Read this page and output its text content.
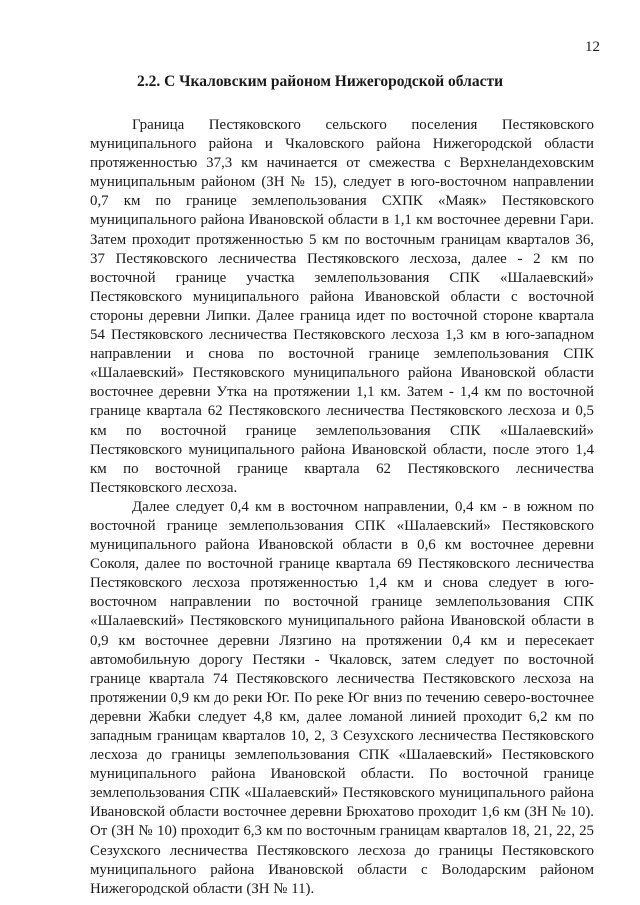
12
2.2. С Чкаловским районом Нижегородской области

Граница Пестяковского сельского поселения Пестяковского муниципального района и Чкаловского района Нижегородской области протяженностью 37,3 км начинается от смежества с Верхнеландеховским муниципальным районом (ЗН № 15), следует в юго-восточном направлении 0,7 км по границе землепользования СХПК «Маяк» Пестяковского муниципального района Ивановской области в 1,1 км восточнее деревни Гари. Затем проходит протяженностью 5 км по восточным границам кварталов 36, 37 Пестяковского лесничества Пестяковского лесхоза, далее - 2 км по восточной границе участка землепользования СПК «Шалаевский» Пестяковского муниципального района Ивановской области с восточной стороны деревни Липки. Далее граница идет по восточной стороне квартала 54 Пестяковского лесничества Пестяковского лесхоза 1,3 км в юго-западном направлении и снова по восточной границе землепользования СПК «Шалаевский» Пестяковского муниципального района Ивановской области восточнее деревни Утка на протяжении 1,1 км. Затем - 1,4 км по восточной границе квартала 62 Пестяковского лесничества Пестяковского лесхоза и 0,5 км по восточной границе землепользования СПК «Шалаевский» Пестяковского муниципального района Ивановской области, после этого 1,4 км по восточной границе квартала 62 Пестяковского лесничества Пестяковского лесхоза.

Далее следует 0,4 км в восточном направлении, 0,4 км - в южном по восточной границе землепользования СПК «Шалаевский» Пестяковского муниципального района Ивановской области в 0,6 км восточнее деревни Соколя, далее по восточной границе квартала 69 Пестяковского лесничества Пестяковского лесхоза протяженностью 1,4 км и снова следует в юго-восточном направлении по восточной границе землепользования СПК «Шалаевский» Пестяковского муниципального района Ивановской области в 0,9 км восточнее деревни Лязгино на протяжении 0,4 км и пересекает автомобильную дорогу Пестяки - Чкаловск, затем следует по восточной границе квартала 74 Пестяковского лесничества Пестяковского лесхоза на протяжении 0,9 км до реки Юг. По реке Юг вниз по течению северо-восточнее деревни Жабки следует 4,8 км, далее ломаной линией проходит 6,2 км по западным границам кварталов 10, 2, 3 Сезухского лесничества Пестяковского лесхоза до границы землепользования СПК «Шалаевский» Пестяковского муниципального района Ивановской области. По восточной границе землепользования СПК «Шалаевский» Пестяковского муниципального района Ивановской области восточнее деревни Брюхатово проходит 1,6 км (ЗН № 10). От (ЗН № 10) проходит 6,3 км по восточным границам кварталов 18, 21, 22, 25 Сезухского лесничества Пестяковского лесхоза до границы Пестяковского муниципального района Ивановской области с Володарским районом Нижегородской области (ЗН № 11).
